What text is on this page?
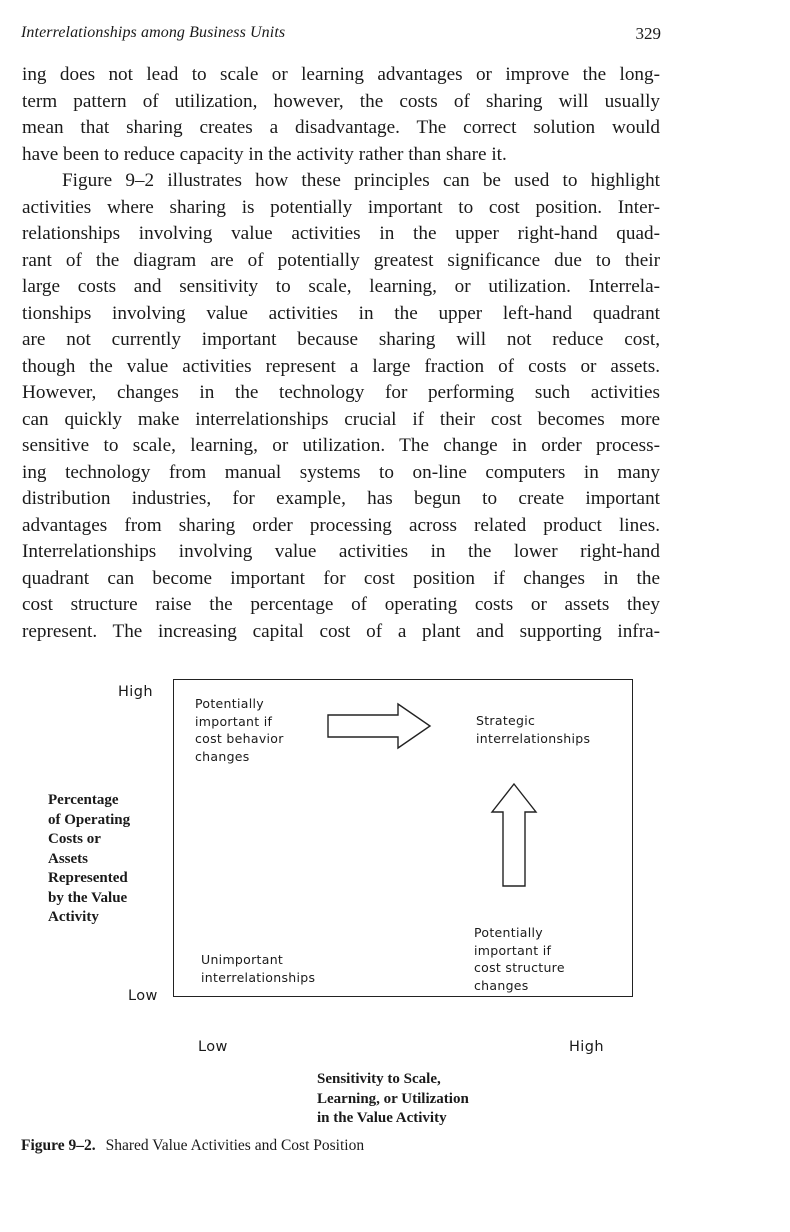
Interrelationships among Business Units	329
ing does not lead to scale or learning advantages or improve the long-
term pattern of utilization, however, the costs of sharing will usually
mean that sharing creates a disadvantage. The correct solution would
have been to reduce capacity in the activity rather than share it.
Figure 9–2 illustrates how these principles can be used to highlight
activities where sharing is potentially important to cost position. Inter-
relationships involving value activities in the upper right-hand quad-
rant of the diagram are of potentially greatest significance due to their
large costs and sensitivity to scale, learning, or utilization. Interrela-
tionships involving value activities in the upper left-hand quadrant
are not currently important because sharing will not reduce cost,
though the value activities represent a large fraction of costs or assets.
However, changes in the technology for performing such activities
can quickly make interrelationships crucial if their cost becomes more
sensitive to scale, learning, or utilization. The change in order process-
ing technology from manual systems to on-line computers in many
distribution industries, for example, has begun to create important
advantages from sharing order processing across related product lines.
Interrelationships involving value activities in the lower right-hand
quadrant can become important for cost position if changes in the
cost structure raise the percentage of operating costs or assets they
represent. The increasing capital cost of a plant and supporting infra-
High
Low
Percentage
of Operating
Costs or
Assets
Represented
by the Value
Activity
Potentially
important if
cost behavior
changes
Strategic
interrelationships
Unimportant
interrelationships
Potentially
important if
cost structure
changes
Low	High
Sensitivity to Scale,
Learning, or Utilization
in the Value Activity
Figure 9–2. Shared Value Activities and Cost Position
